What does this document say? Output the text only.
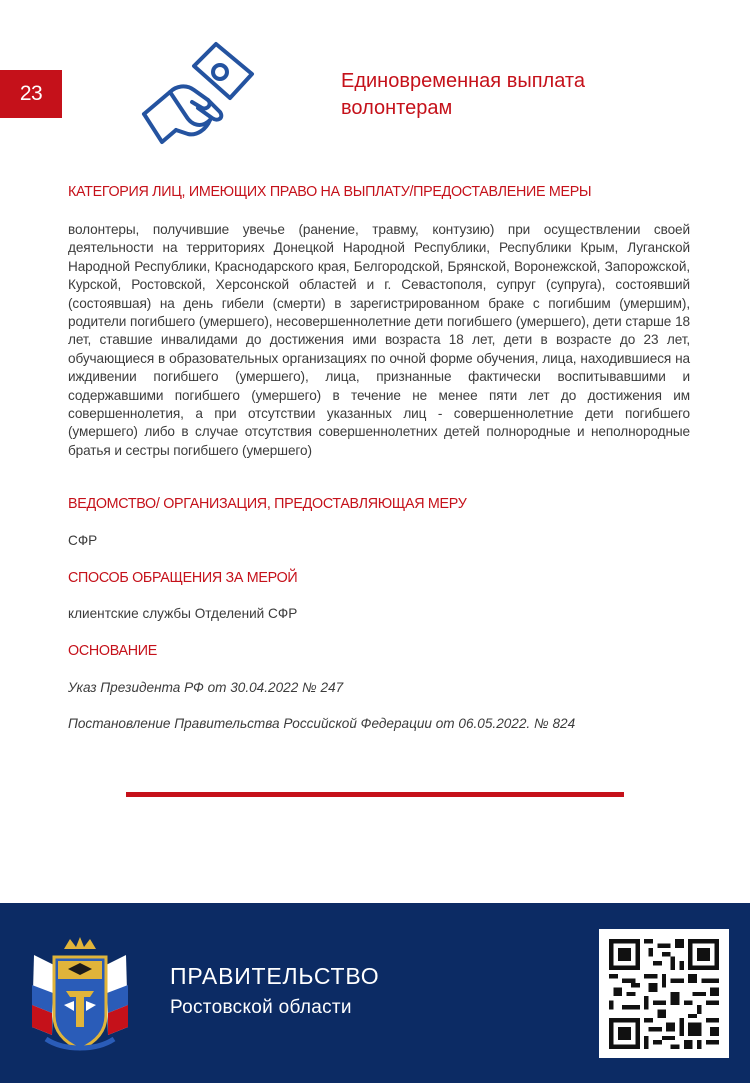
23
Единовременная выплата волонтерам
КАТЕГОРИЯ ЛИЦ, ИМЕЮЩИХ ПРАВО НА ВЫПЛАТУ/ПРЕДОСТАВЛЕНИЕ МЕРЫ
волонтеры, получившие увечье (ранение, травму, контузию) при осуществлении своей деятельности на территориях Донецкой Народной Республики, Республики Крым, Луганской Народной Республики, Краснодарского края, Белгородской, Брянской, Воронежской, Запорожской, Курской, Ростовской, Херсонской областей и г. Севастополя, супруг (супруга), состоявший (состоявшая) на день гибели (смерти) в зарегистрированном браке с погибшим (умершим), родители погибшего (умершего), несовершеннолетние дети погибшего (умершего), дети старше 18 лет, ставшие инвалидами до достижения ими возраста 18 лет, дети в возрасте до 23 лет, обучающиеся в образовательных организациях по очной форме обучения, лица, находившиеся на иждивении погибшего (умершего), лица, признанные фактически воспитывавшими и содержавшими погибшего (умершего) в течение не менее пяти лет до достижения им совершеннолетия, а при отсутствии указанных лиц - совершеннолетние дети погибшего (умершего) либо в случае отсутствия совершеннолетних детей полнородные и неполнородные братья и сестры погибшего (умершего)
ВЕДОМСТВО/ ОРГАНИЗАЦИЯ, ПРЕДОСТАВЛЯЮЩАЯ МЕРУ
СФР
СПОСОБ ОБРАЩЕНИЯ ЗА МЕРОЙ
клиентские службы Отделений СФР
ОСНОВАНИЕ
Указ Президента РФ от 30.04.2022 № 247
Постановление Правительства Российской Федерации от 06.05.2022. № 824
ПРАВИТЕЛЬСТВО
Ростовской области
